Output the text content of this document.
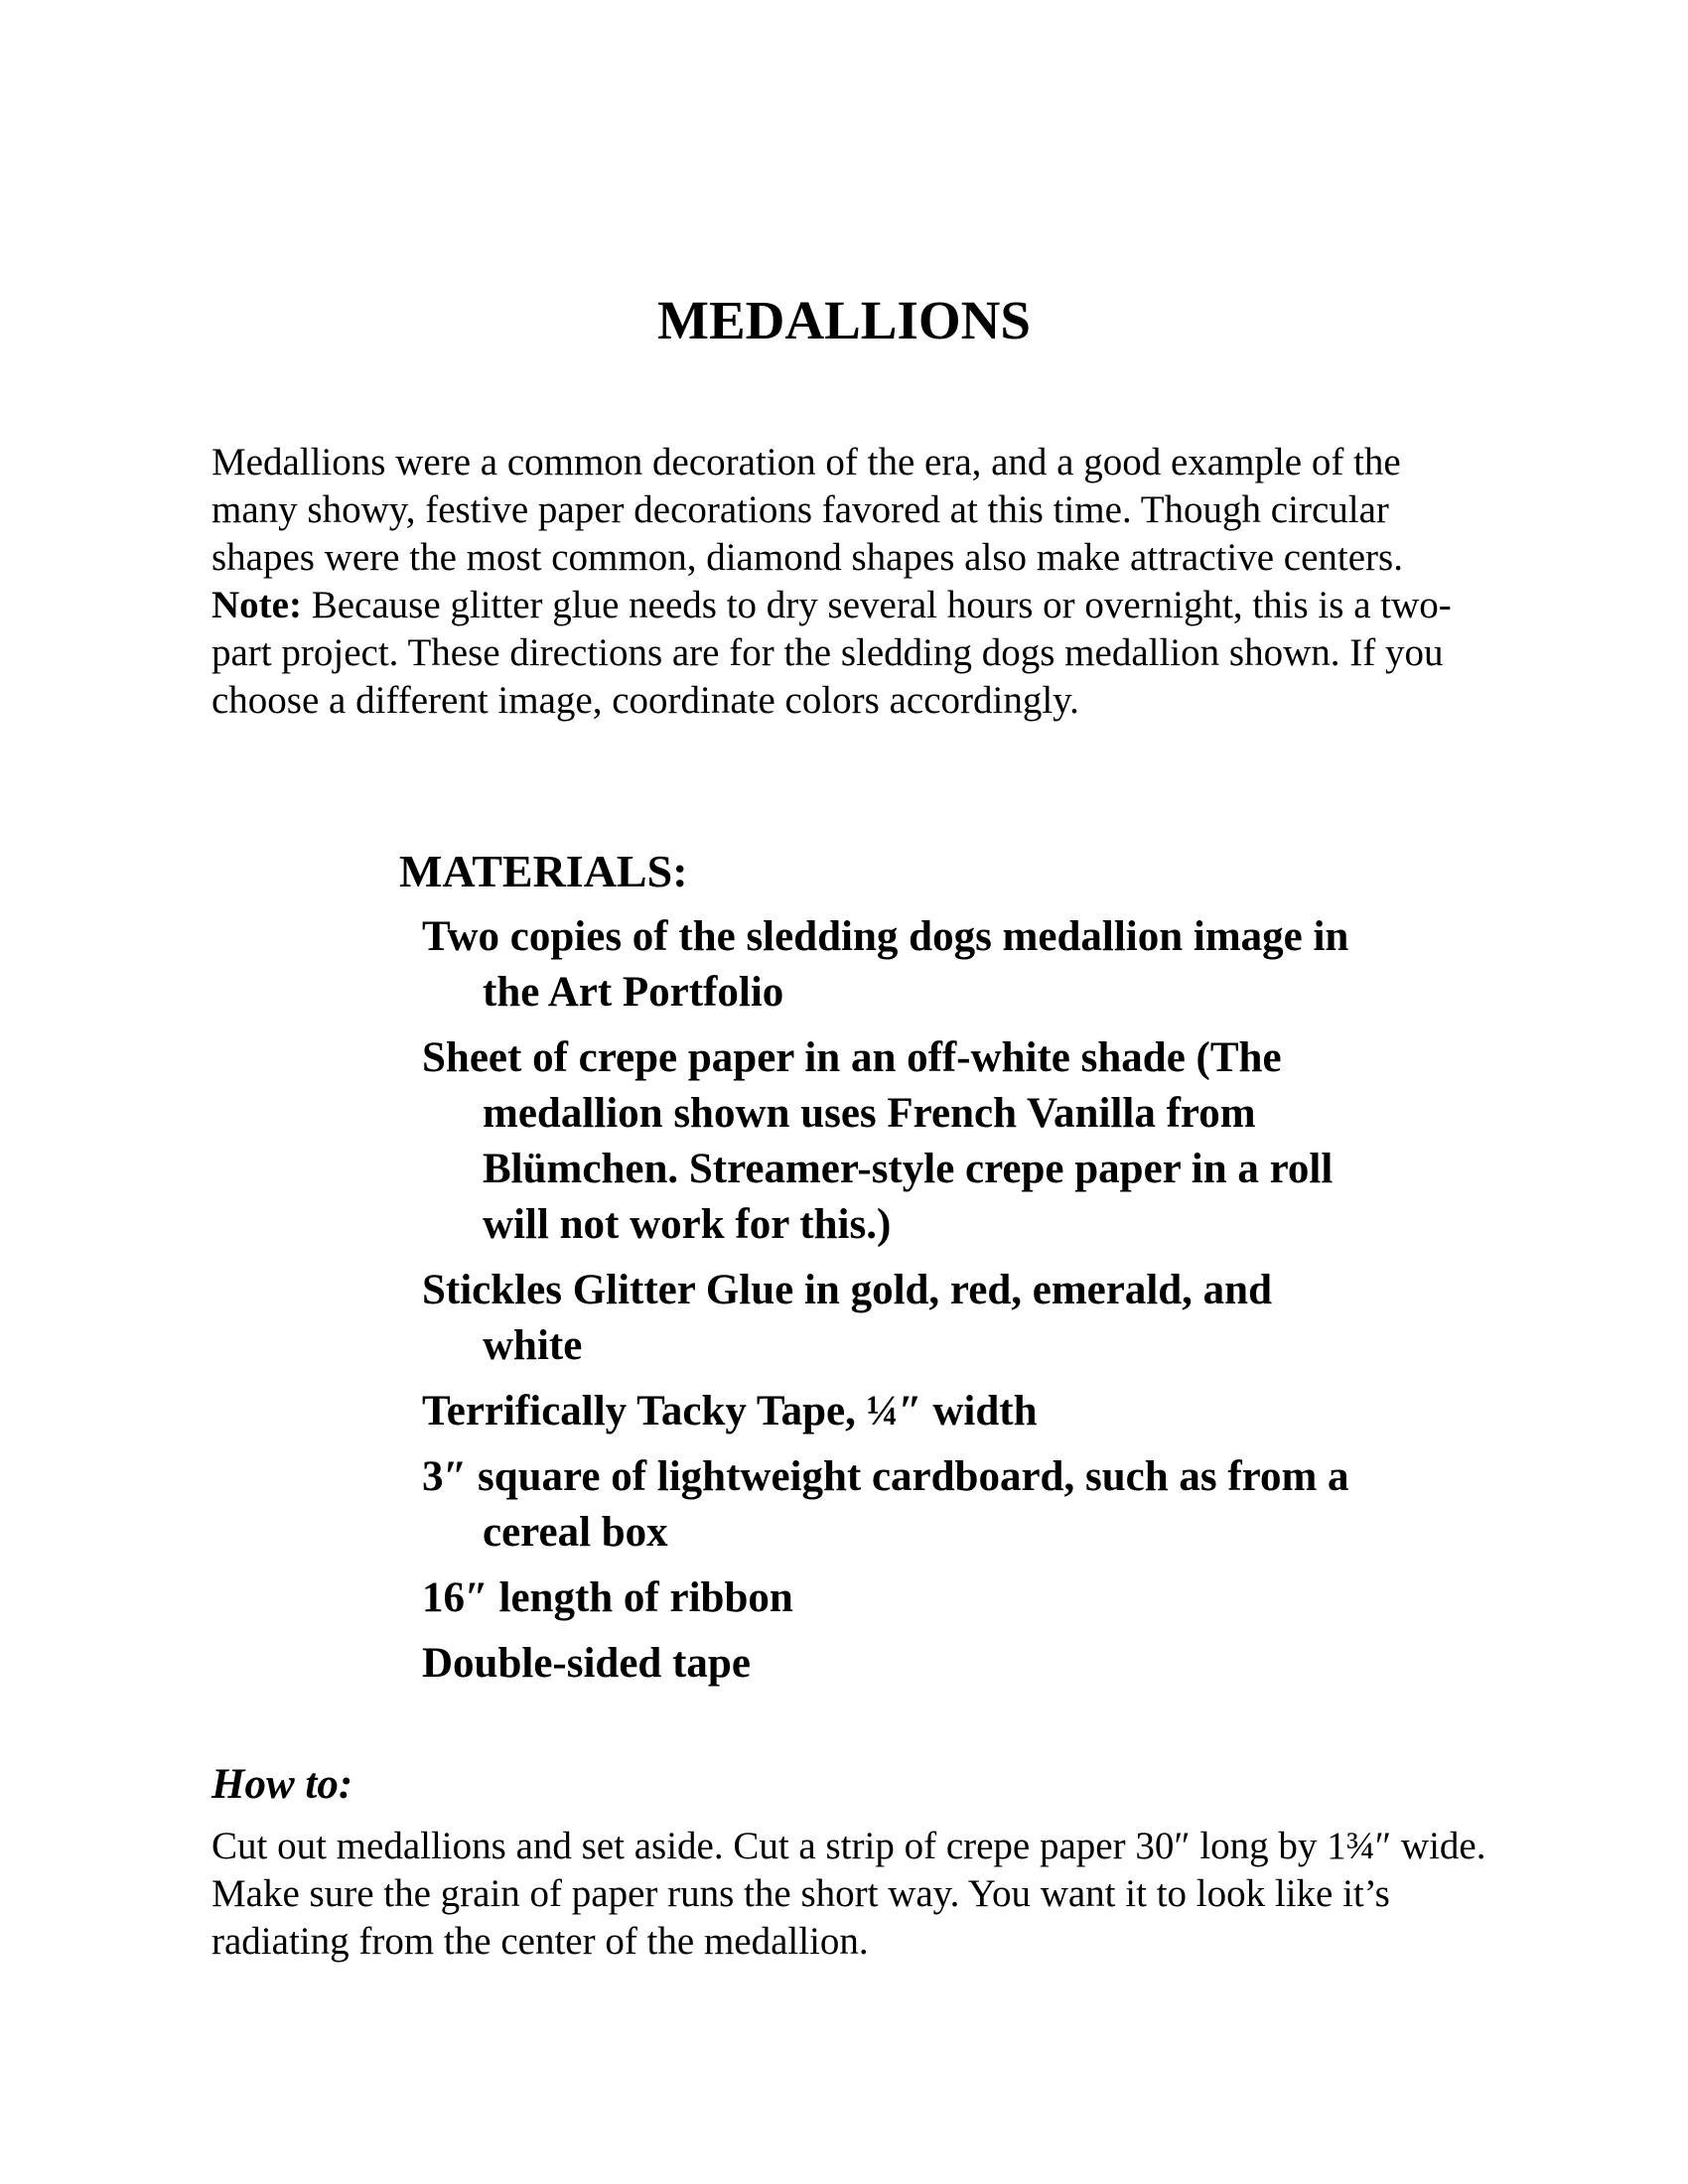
MEDALLIONS

Medallions were a common decoration of the era, and a good example of the many showy, festive paper decorations favored at this time. Though circular shapes were the most common, diamond shapes also make attractive centers. Note: Because glitter glue needs to dry several hours or overnight, this is a two-part project. These directions are for the sledding dogs medallion shown. If you choose a different image, coordinate colors accordingly.

MATERIALS:
Two copies of the sledding dogs medallion image in the Art Portfolio
Sheet of crepe paper in an off-white shade (The medallion shown uses French Vanilla from Blümchen. Streamer-style crepe paper in a roll will not work for this.)
Stickles Glitter Glue in gold, red, emerald, and white
Terrifically Tacky Tape, ¼″ width
3″ square of lightweight cardboard, such as from a cereal box
16″ length of ribbon
Double-sided tape
How to:

Cut out medallions and set aside. Cut a strip of crepe paper 30″ long by 1¾″ wide. Make sure the grain of paper runs the short way. You want it to look like it’s radiating from the center of the medallion.
